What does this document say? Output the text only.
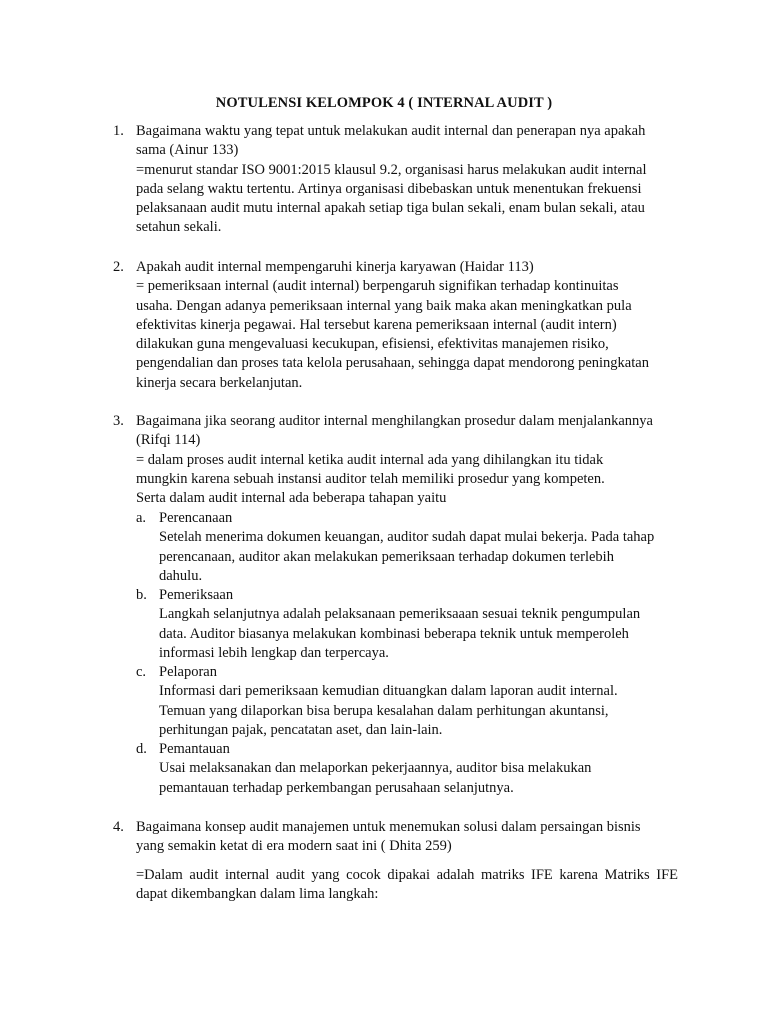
NOTULENSI KELOMPOK 4 ( INTERNAL AUDIT )
1. Bagaimana waktu yang tepat untuk melakukan audit internal dan penerapan nya apakah
sama (Ainur 133)
=menurut standar ISO 9001:2015 klausul 9.2, organisasi harus melakukan audit internal
pada selang waktu tertentu. Artinya organisasi dibebaskan untuk menentukan frekuensi
pelaksanaan audit mutu internal apakah setiap tiga bulan sekali, enam bulan sekali, atau
setahun sekali.
2. Apakah audit internal mempengaruhi kinerja karyawan (Haidar 113)
= pemeriksaan internal (audit internal) berpengaruh signifikan terhadap kontinuitas
usaha. Dengan adanya pemeriksaan internal yang baik maka akan meningkatkan pula
efektivitas kinerja pegawai. Hal tersebut karena pemeriksaan internal (audit intern)
dilakukan guna mengevaluasi kecukupan, efisiensi, efektivitas manajemen risiko,
pengendalian dan proses tata kelola perusahaan, sehingga dapat mendorong peningkatan
kinerja secara berkelanjutan.
3. Bagaimana jika seorang auditor internal menghilangkan prosedur dalam menjalankannya
(Rifqi 114)
= dalam proses audit internal ketika audit internal ada yang dihilangkan itu tidak
mungkin karena sebuah instansi auditor telah memiliki prosedur yang kompeten.
Serta dalam audit internal ada beberapa tahapan yaitu
a. Perencanaan
Setelah menerima dokumen keuangan, auditor sudah dapat mulai bekerja. Pada tahap
perencanaan, auditor akan melakukan pemeriksaan terhadap dokumen terlebih
dahulu.
b. Pemeriksaan
Langkah selanjutnya adalah pelaksanaan pemeriksaaan sesuai teknik pengumpulan
data. Auditor biasanya melakukan kombinasi beberapa teknik untuk memperoleh
informasi lebih lengkap dan terpercaya.
c. Pelaporan
Informasi dari pemeriksaan kemudian dituangkan dalam laporan audit internal.
Temuan yang dilaporkan bisa berupa kesalahan dalam perhitungan akuntansi,
perhitungan pajak, pencatatan aset, dan lain-lain.
d. Pemantauan
Usai melaksanakan dan melaporkan pekerjaannya, auditor bisa melakukan
pemantauan terhadap perkembangan perusahaan selanjutnya.
4. Bagaimana konsep audit manajemen untuk menemukan solusi dalam persaingan bisnis
yang semakin ketat di era modern saat ini ( Dhita 259)
=Dalam audit internal audit yang cocok dipakai adalah matriks IFE karena Matriks IFE
dapat dikembangkan dalam lima langkah:
